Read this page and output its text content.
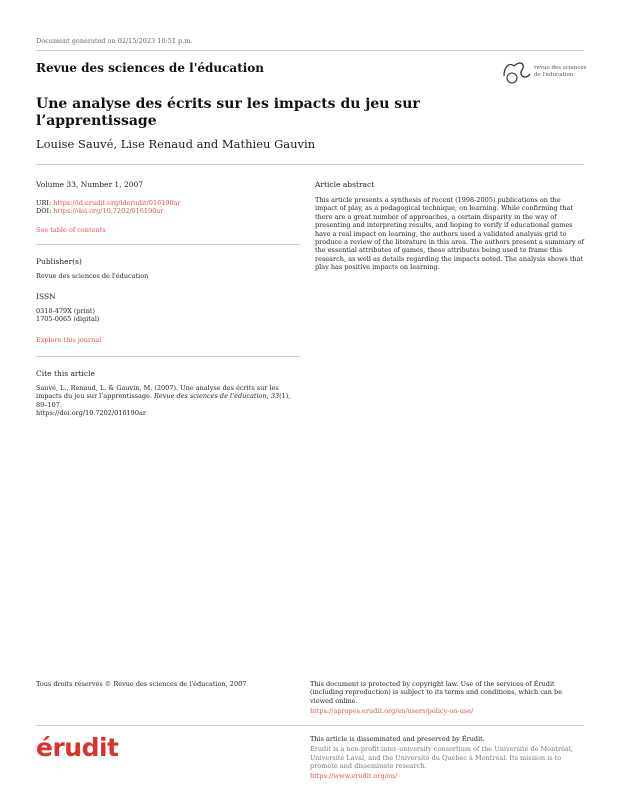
Document generated on 02/15/2023 10:51 p.m.
Revue des sciences de l'éducation	revue des sciences
de l'éducation
Une analyse des écrits sur les impacts du jeu sur l’apprentissage
Louise Sauvé, Lise Renaud and Mathieu Gauvin
Volume 33, Number 1, 2007
URI: https://id.erudit.org/iderudit/016190ar
DOI: https://doi.org/10.7202/016190ar
See table of contents
Publisher(s)
Revue des sciences de l'éducation
ISSN
0318-479X (print)
1705-0065 (digital)
Explore this journal
Cite this article
Sauvé, L., Renaud, L. & Gauvin, M. (2007). Une analyse des écrits sur les impacts du jeu sur l’apprentissage. Revue des sciences de l’éducation, 33(1), 89–107.
https://doi.org/10.7202/016190ar
Article abstract
This article presents a synthesis of recent (1998-2005) publications on the impact of play, as a pedagogical technique, on learning. While confirming that there are a great number of approaches, a certain disparity in the way of presenting and interpreting results, and hoping to verify if educational games have a real impact on learning, the authors used a validated analysis grid to produce a review of the literature in this area. The authors present a summary of the essential attributes of games, these attributes being used to frame this research, as well as details regarding the impacts noted. The analysis shows that play has positive impacts on learning.
Tous droits réservés © Revue des sciences de l'éducation, 2007	This document is protected by copyright law. Use of the services of Érudit (including reproduction) is subject to its terms and conditions, which can be viewed online.
https://apropos.erudit.org/en/users/policy-on-use/
érudit	This article is disseminated and preserved by Érudit.
Érudit is a non-profit inter-university consortium of the Université de Montréal, Université Laval, and the Université du Québec à Montréal. Its mission is to promote and disseminate research.
https://www.erudit.org/en/
